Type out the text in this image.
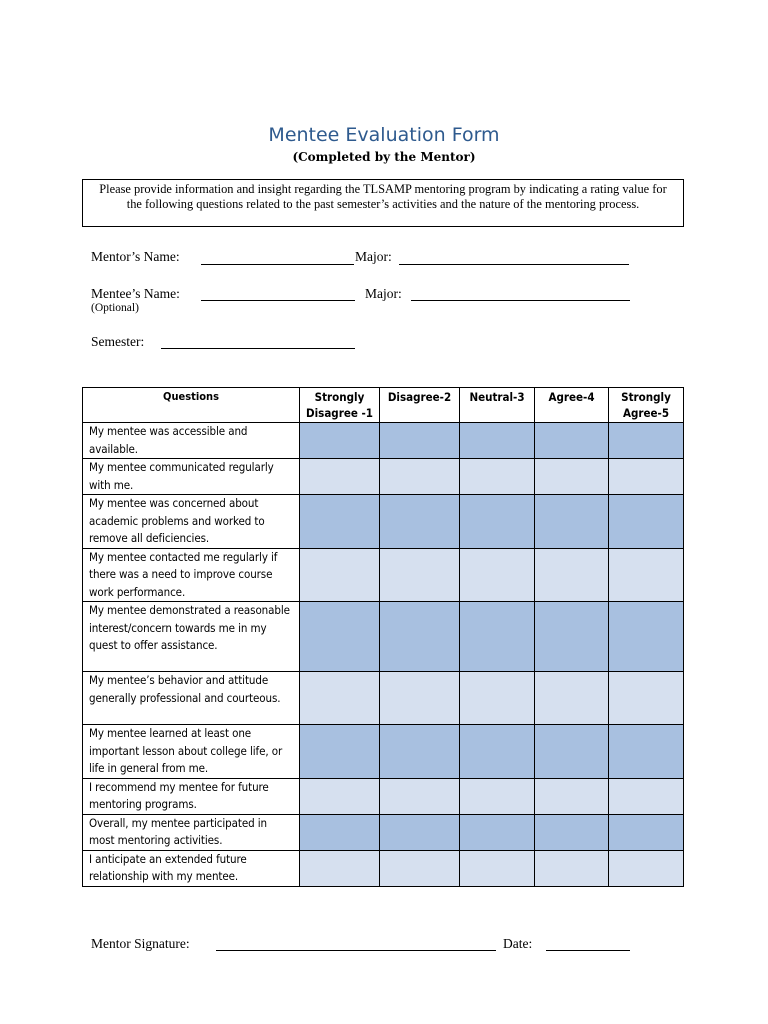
Mentee Evaluation Form
(Completed by the Mentor)
Please provide information and insight regarding the TLSAMP mentoring program by indicating a rating value for the following questions related to the past semester’s activities and the nature of the mentoring process.
Mentor’s Name:	Major:
Mentee’s Name:	Major:
(Optional)
Semester:
Questions	Strongly Disagree -1	Disagree-2	Neutral-3	Agree-4	Strongly Agree-5
My mentee was accessible and available.					
My mentee communicated regularly with me.					
My mentee was concerned about academic problems and worked to remove all deficiencies.					
My mentee contacted me regularly if there was a need to improve course work performance.					
My mentee demonstrated a reasonable interest/concern towards me in my quest to offer assistance.					
My mentee’s behavior and attitude generally professional and courteous.					
My mentee learned at least one important lesson about college life, or life in general from me.					
I recommend my mentee for future mentoring programs.					
Overall, my mentee participated in most mentoring activities.					
I anticipate an extended future relationship with my mentee.					
Mentor Signature:	Date:
